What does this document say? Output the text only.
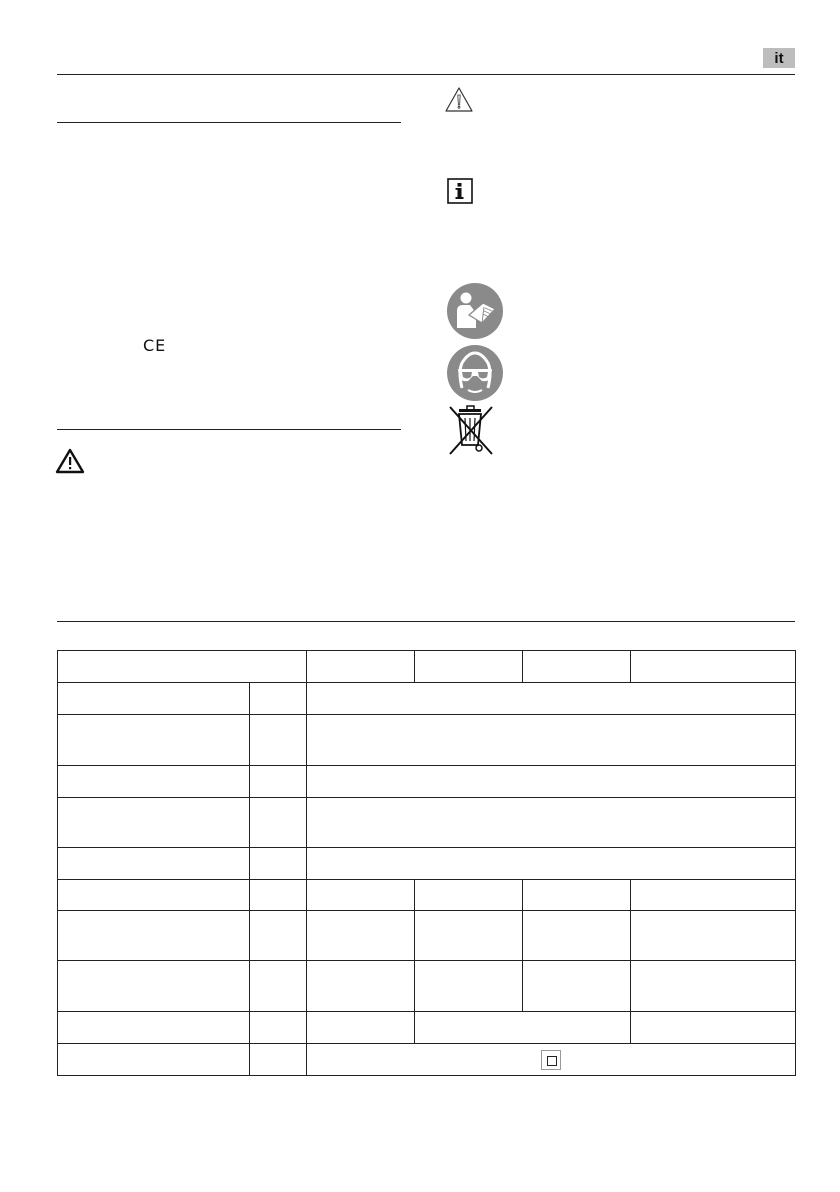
it
CE
